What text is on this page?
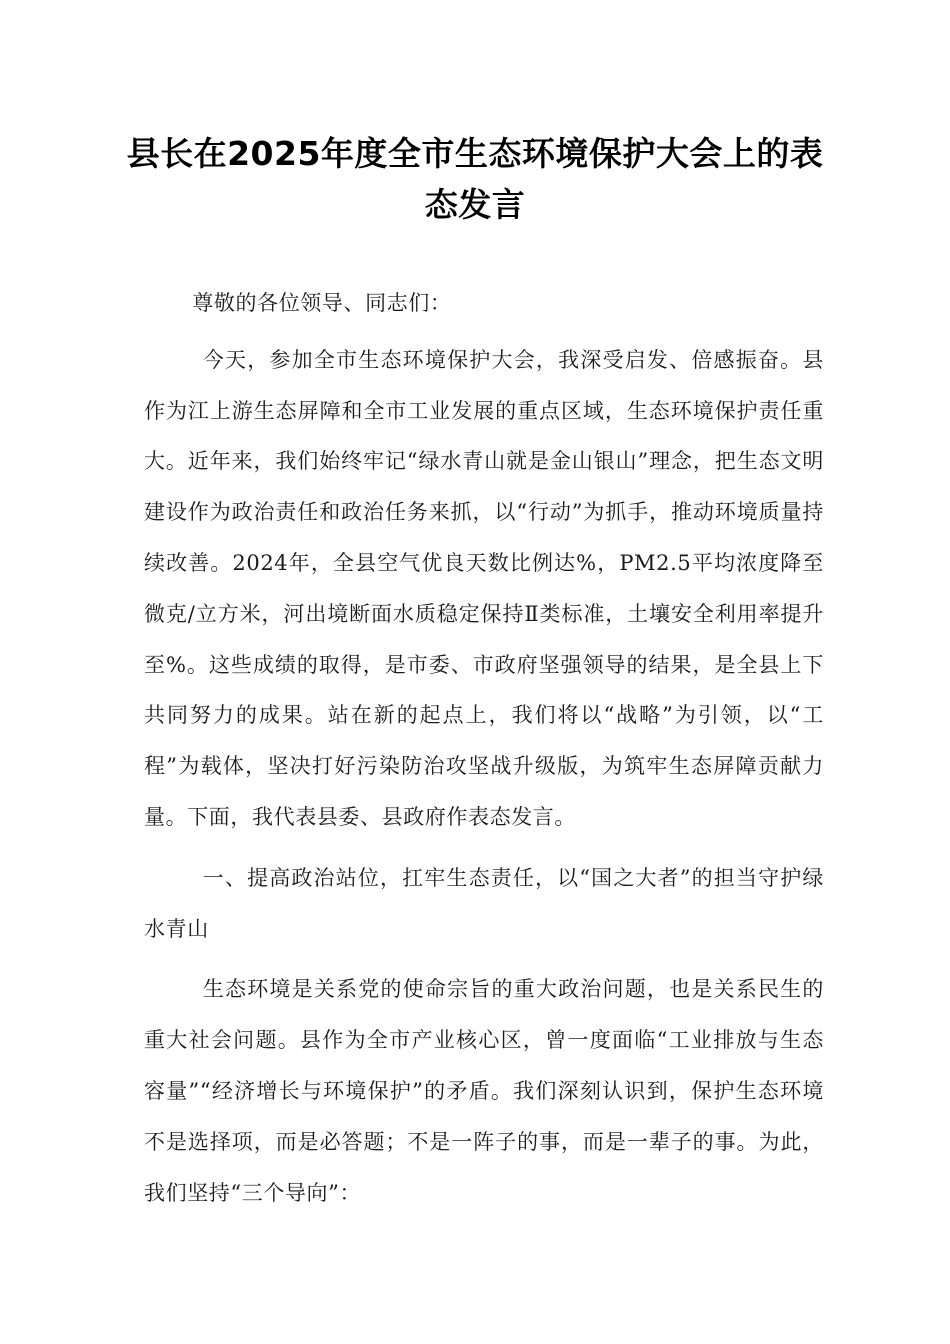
县长在2025年度全市生态环境保护大会上的表态发言

尊敬的各位领导、同志们：

今天，参加全市生态环境保护大会，我深受启发、倍感振奋。县作为江上游生态屏障和全市工业发展的重点区域，生态环境保护责任重大。近年来，我们始终牢记“绿水青山就是金山银山”理念，把生态文明建设作为政治责任和政治任务来抓，以“行动”为抓手，推动环境质量持续改善。2024年，全县空气优良天数比例达%，PM2.5平均浓度降至微克/立方米，河出境断面水质稳定保持Ⅱ类标准，土壤安全利用率提升至%。这些成绩的取得，是市委、市政府坚强领导的结果，是全县上下共同努力的成果。站在新的起点上，我们将以“战略”为引领，以“工程”为载体，坚决打好污染防治攻坚战升级版，为筑牢生态屏障贡献力量。下面，我代表县委、县政府作表态发言。

一、提高政治站位，扛牢生态责任，以“国之大者”的担当守护绿水青山

生态环境是关系党的使命宗旨的重大政治问题，也是关系民生的重大社会问题。县作为全市产业核心区，曾一度面临“工业排放与生态容量”“经济增长与环境保护”的矛盾。我们深刻认识到，保护生态环境不是选择项，而是必答题；不是一阵子的事，而是一辈子的事。为此，我们坚持“三个导向”：
